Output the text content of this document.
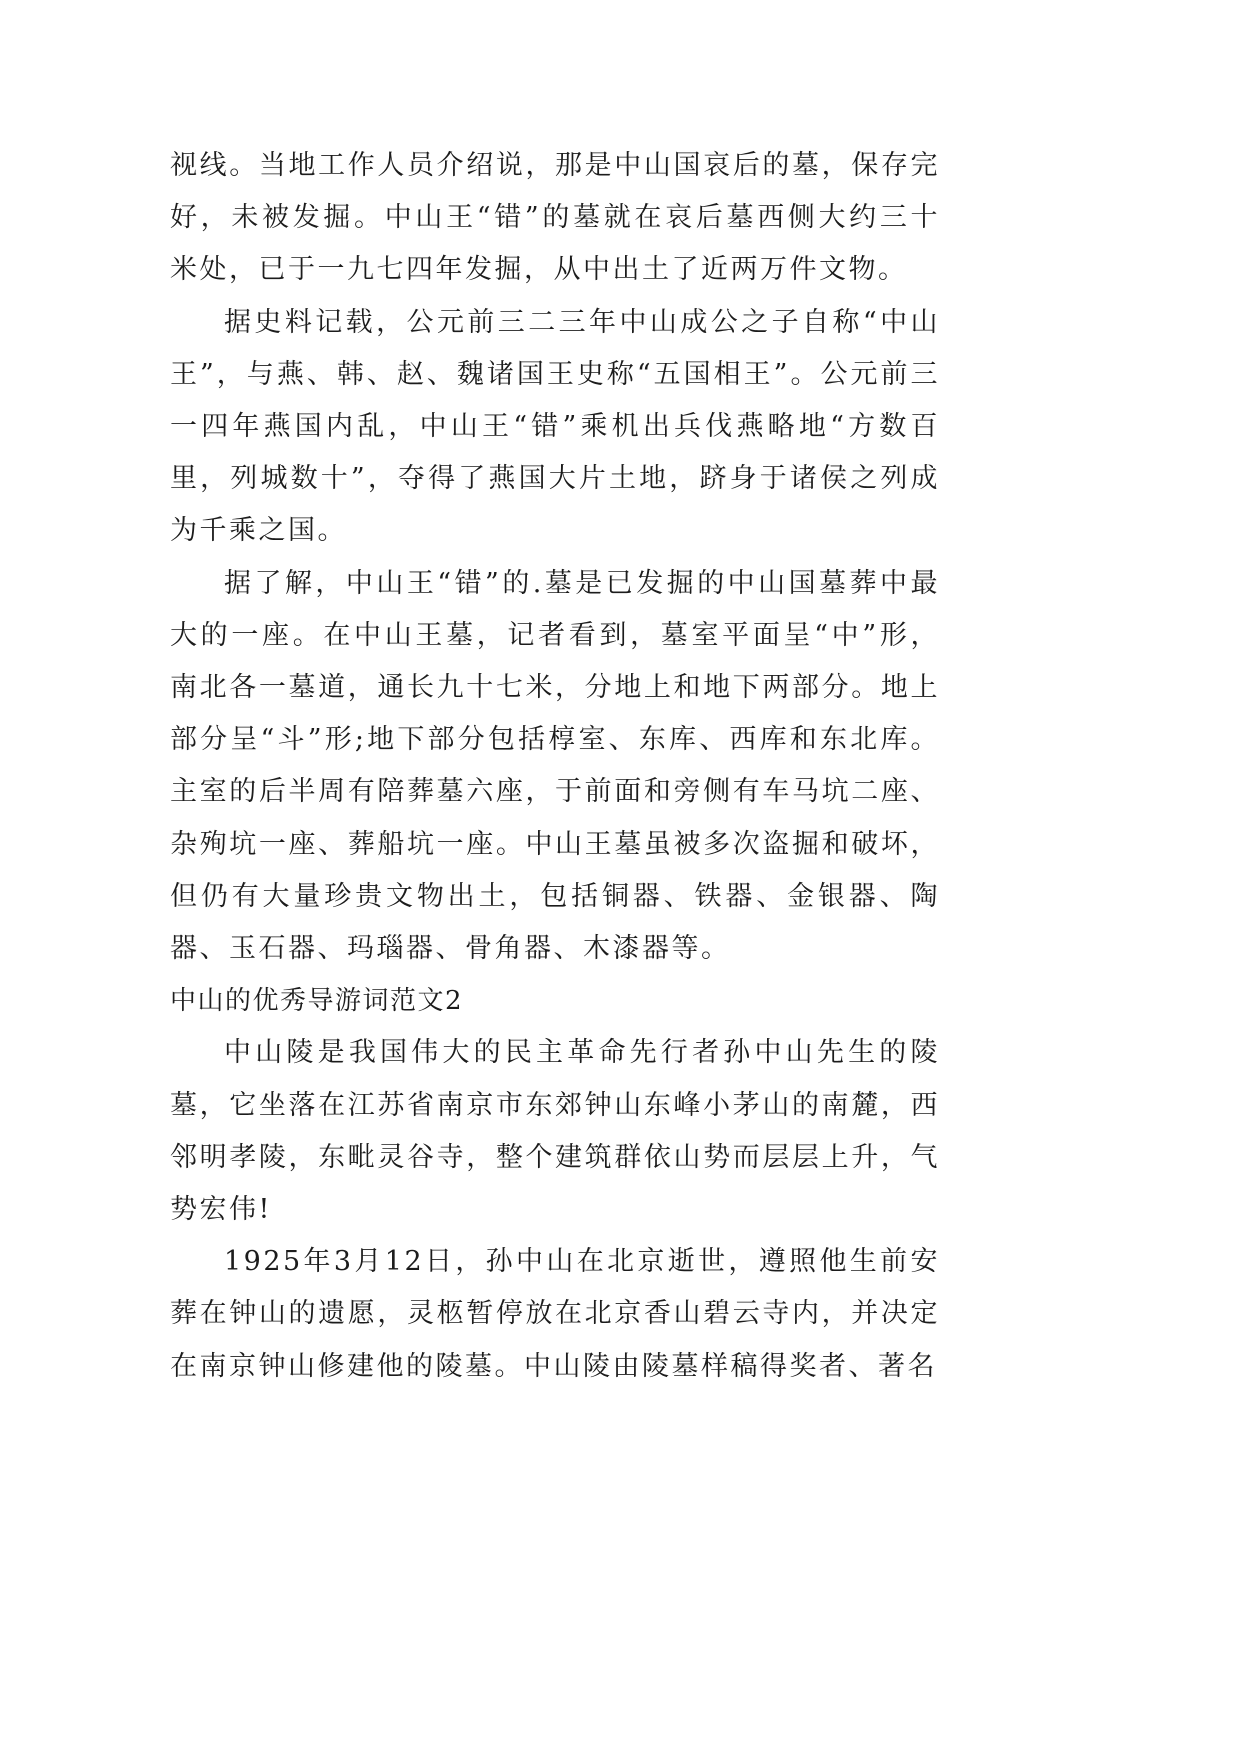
视线。当地工作人员介绍说，那是中山国哀后的墓，保存完好，未被发掘。中山王“错”的墓就在哀后墓西侧大约三十米处，已于一九七四年发掘，从中出土了近两万件文物。

据史料记载，公元前三二三年中山成公之子自称“中山王”，与燕、韩、赵、魏诸国王史称“五国相王”。公元前三一四年燕国内乱，中山王“错”乘机出兵伐燕略地“方数百里，列城数十”，夺得了燕国大片土地，跻身于诸侯之列成为千乘之国。

据了解，中山王“错”的.墓是已发掘的中山国墓葬中最大的一座。在中山王墓，记者看到，墓室平面呈“中”形，南北各一墓道，通长九十七米，分地上和地下两部分。地上部分呈“斗”形;地下部分包括椁室、东库、西库和东北库。主室的后半周有陪葬墓六座，于前面和旁侧有车马坑二座、杂殉坑一座、葬船坑一座。中山王墓虽被多次盗掘和破坏，但仍有大量珍贵文物出土，包括铜器、铁器、金银器、陶器、玉石器、玛瑙器、骨角器、木漆器等。

中山的优秀导游词范文2

中山陵是我国伟大的民主革命先行者孙中山先生的陵墓，它坐落在江苏省南京市东郊钟山东峰小茅山的南麓，西邻明孝陵，东毗灵谷寺，整个建筑群依山势而层层上升，气势宏伟!

1925年3月12日，孙中山在北京逝世，遵照他生前安葬在钟山的遗愿，灵柩暂停放在北京香山碧云寺内，并决定在南京钟山修建他的陵墓。中山陵由陵墓样稿得奖者、著名
